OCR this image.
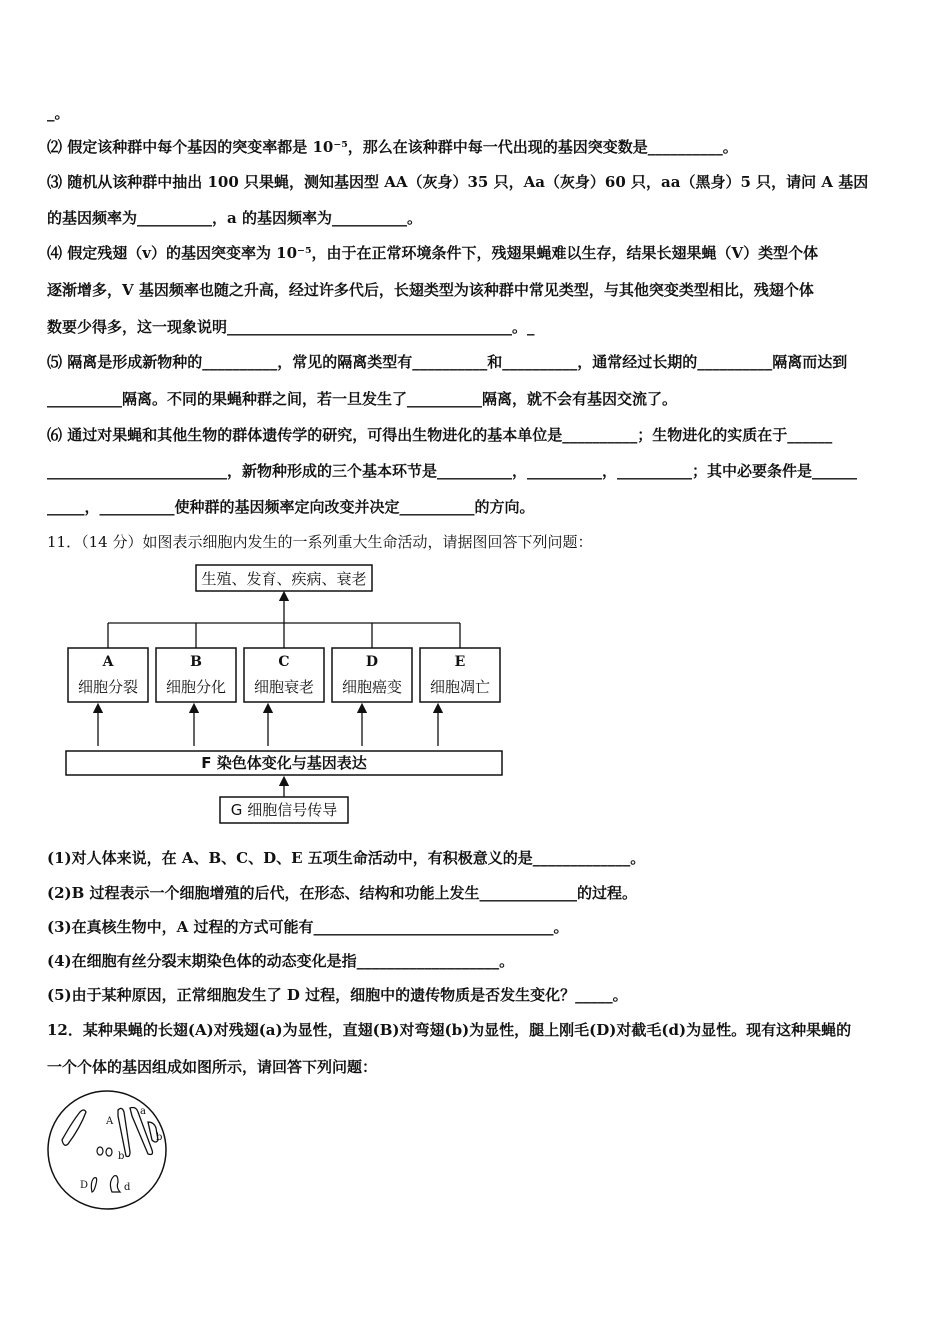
_。
⑵ 假定该种群中每个基因的突变率都是 10⁻⁵，那么在该种群中每一代出现的基因突变数是__________。
⑶ 随机从该种群中抽出 100 只果蝇，测知基因型 AA（灰身）35 只，Aa（灰身）60 只，aa（黑身）5 只，请问 A 基因
的基因频率为__________，a 的基因频率为__________。
⑷ 假定残翅（v）的基因突变率为 10⁻⁵，由于在正常环境条件下，残翅果蝇难以生存，结果长翅果蝇（V）类型个体
逐渐增多，V 基因频率也随之升高，经过许多代后，长翅类型为该种群中常见类型，与其他突变类型相比，残翅个体
数要少得多，这一现象说明______________________________________。_
⑸ 隔离是形成新物种的__________，常见的隔离类型有__________和__________，通常经过长期的__________隔离而达到
__________隔离。不同的果蝇种群之间，若一旦发生了__________隔离，就不会有基因交流了。
⑹ 通过对果蝇和其他生物的群体遗传学的研究，可得出生物进化的基本单位是__________；生物进化的实质在于______
________________________，新物种形成的三个基本环节是__________，__________，__________；其中必要条件是______
_____，__________使种群的基因频率定向改变并决定__________的方向。
11．（14 分）如图表示细胞内发生的一系列重大生命活动，请据图回答下列问题：
生殖、发育、疾病、衰老
A
细胞分裂
B
细胞分化
C
细胞衰老
D
细胞癌变
E
细胞凋亡
F 染色体变化与基因表达
G 细胞信号传导
(1)对人体来说，在 A、B、C、D、E 五项生命活动中，有积极意义的是_____________。
(2)B 过程表示一个细胞增殖的后代，在形态、结构和功能上发生_____________的过程。
(3)在真核生物中，A 过程的方式可能有________________________________。
(4)在细胞有丝分裂末期染色体的动态变化是指___________________。
(5)由于某种原因，正常细胞发生了 D 过程，细胞中的遗传物质是否发生变化？_____。
12．某种果蝇的长翅(A)对残翅(a)为显性，直翅(B)对弯翅(b)为显性，腿上刚毛(D)对截毛(d)为显性。现有这种果蝇的
一个个体的基因组成如图所示，请回答下列问题：
A
a
b
b
D	d
